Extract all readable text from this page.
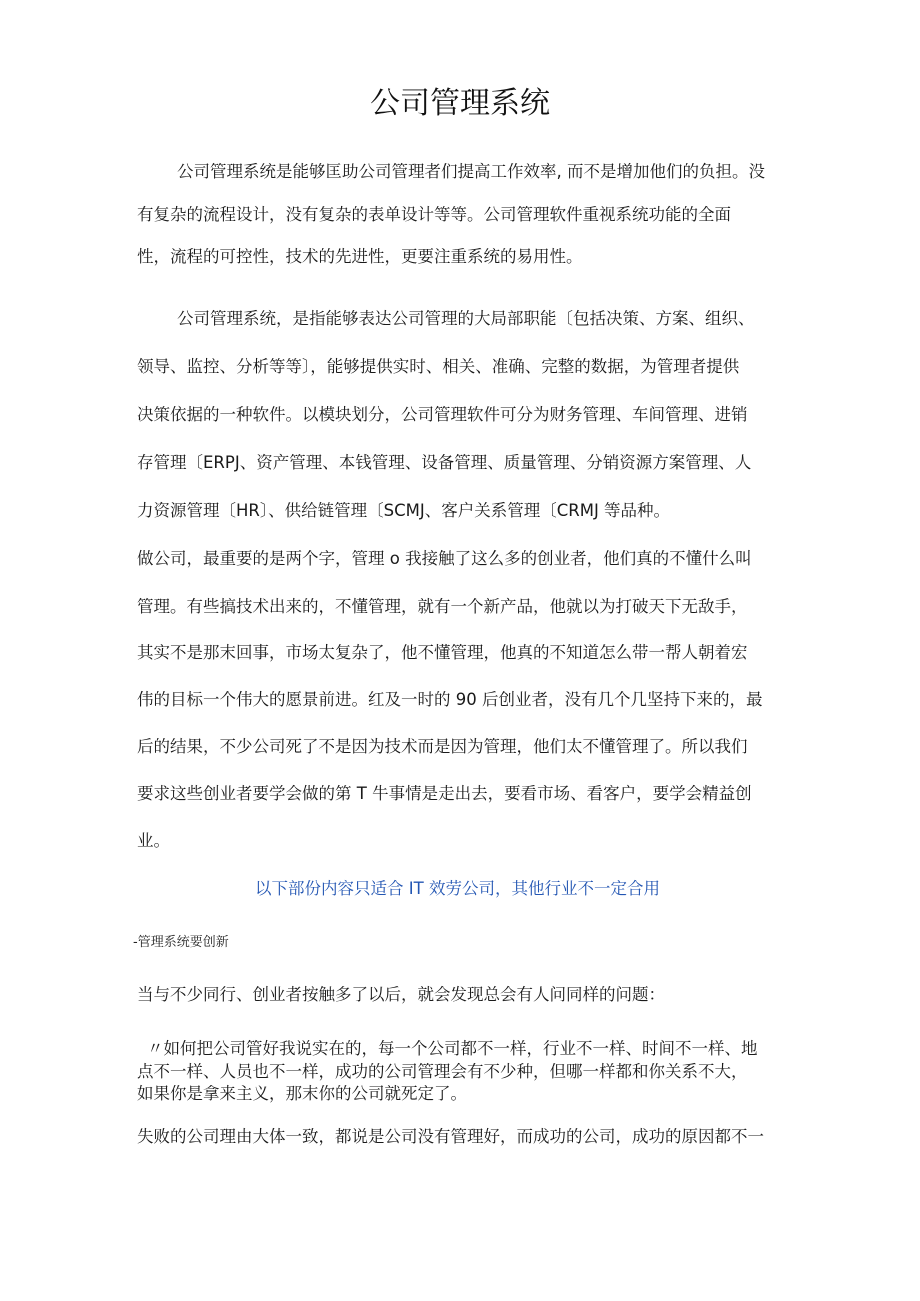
公司管理系统
公司管理系统是能够匡助公司管理者们提高工作效率, 而不是增加他们的负担。没
有复杂的流程设计，没有复杂的表单设计等等。公司管理软件重视系统功能的全面
性，流程的可控性，技术的先进性，更要注重系统的易用性。
公司管理系统，是指能够表达公司管理的大局部职能〔包括决策、方案、组织、
领导、监控、分析等等〕，能够提供实时、相关、准确、完整的数据，为管理者提供
决策依据的一种软件。以模块划分，公司管理软件可分为财务管理、车间管理、进销
存管理〔ERPJ、资产管理、本钱管理、设备管理、质量管理、分销资源方案管理、人
力资源管理〔HR〕、供给链管理〔SCMJ、客户关系管理〔CRMJ 等品种。
做公司，最重要的是两个字，管理 o 我接触了这么多的创业者，他们真的不懂什么叫
管理。有些搞技术出来的，不懂管理，就有一个新产品，他就以为打破天下无敌手，
其实不是那末回事，市场太复杂了，他不懂管理，他真的不知道怎么带一帮人朝着宏
伟的目标一个伟大的愿景前进。红及一时的 90 后创业者，没有几个几坚持下来的，最
后的结果，不少公司死了不是因为技术而是因为管理，他们太不懂管理了。所以我们
要求这些创业者要学会做的第 T 牛事情是走出去，要看市场、看客户，要学会精益创
业。
以下部份内容只适合 IT 效劳公司，其他行业不一定合用
-管理系统要创新
当与不少同行、创业者按触多了以后，就会发现总会有人问同样的问题：
〃如何把公司管好我说实在的，每一个公司都不一样，行业不一样、时间不一样、地
点不一样、人员也不一样，成功的公司管理会有不少种，但哪一样都和你关系不大，
如果你是拿来主义，那末你的公司就死定了。
失败的公司理由大体一致，都说是公司没有管理好，而成功的公司，成功的原因都不一
